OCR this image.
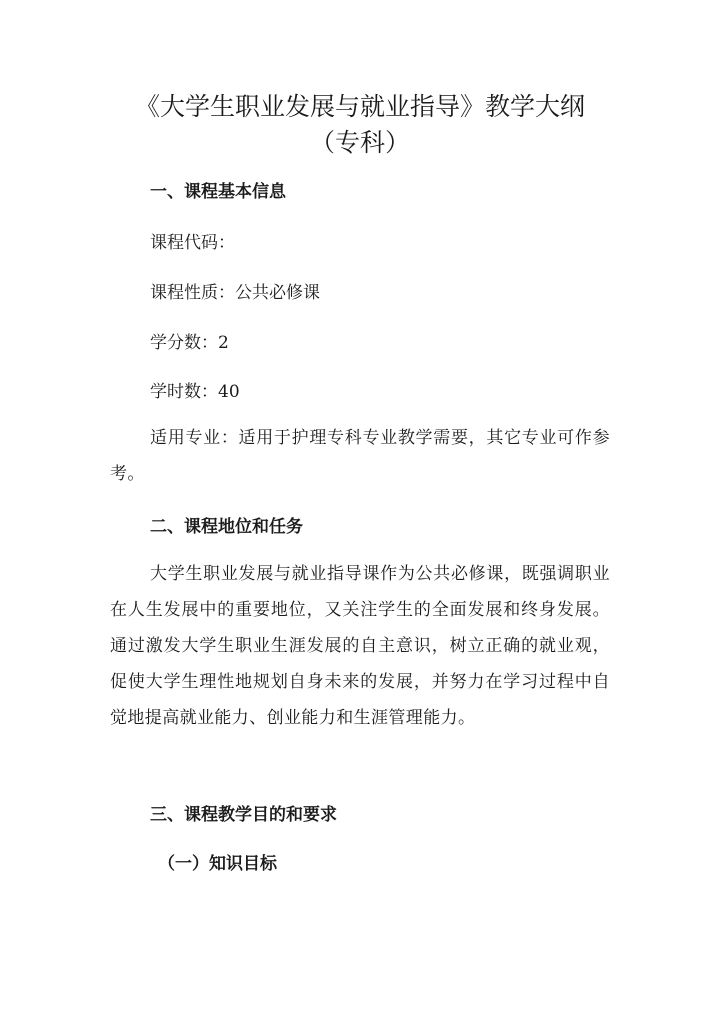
《大学生职业发展与就业指导》教学大纲
（专科）
一、课程基本信息

课程代码：

课程性质：公共必修课

学分数：2

学时数：40

适用专业：适用于护理专科专业教学需要，其它专业可作参考。

二、课程地位和任务

大学生职业发展与就业指导课作为公共必修课，既强调职业在人生发展中的重要地位，又关注学生的全面发展和终身发展。通过激发大学生职业生涯发展的自主意识，树立正确的就业观，促使大学生理性地规划自身未来的发展，并努力在学习过程中自觉地提高就业能力、创业能力和生涯管理能力。

三、课程教学目的和要求
（一）知识目标
